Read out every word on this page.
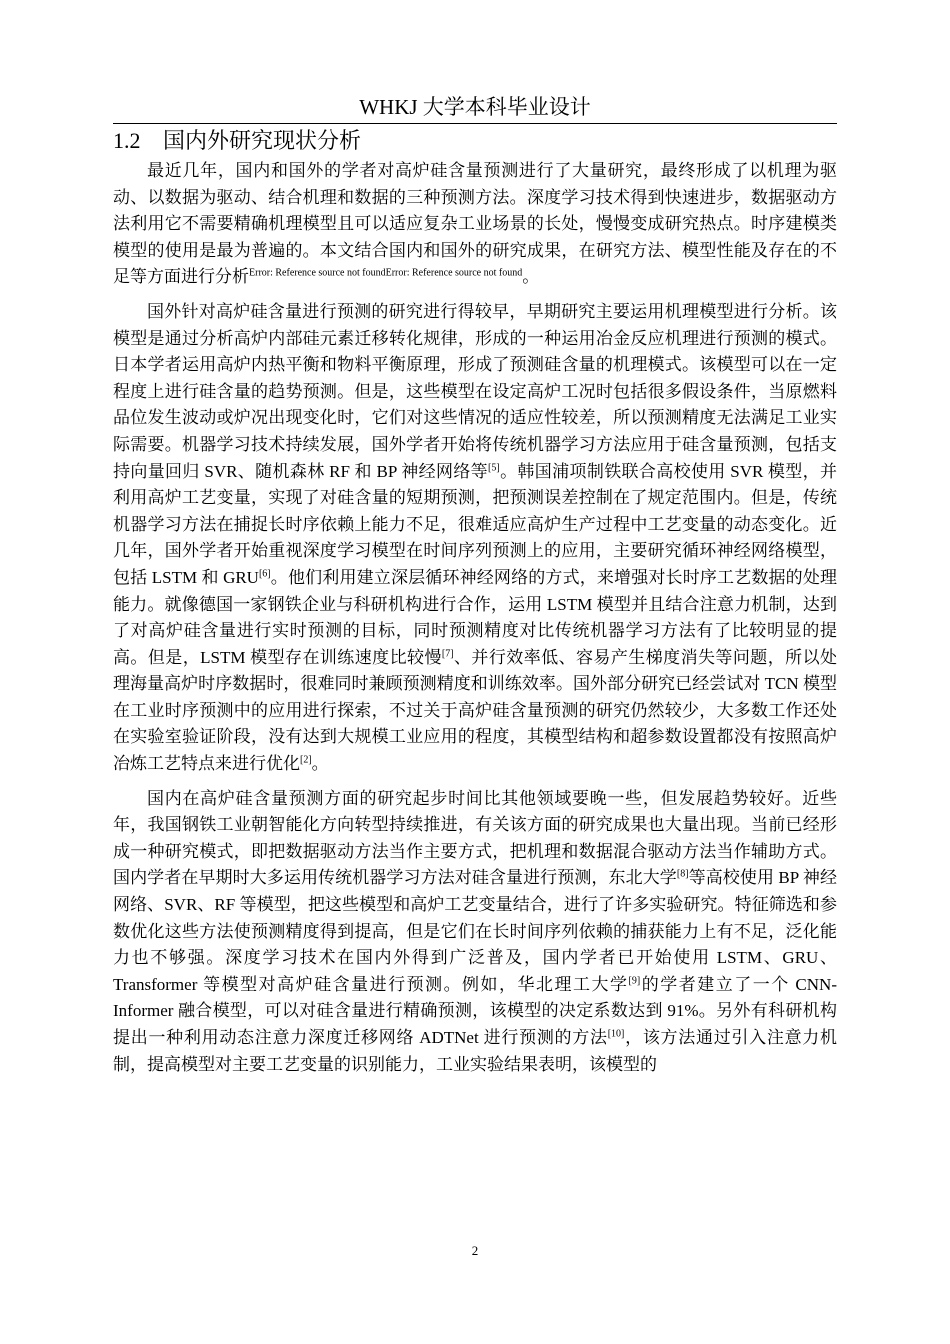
WHKJ 大学本科毕业设计
1.2 国内外研究现状分析

最近几年，国内和国外的学者对高炉硅含量预测进行了大量研究，最终形成了以机理为驱动、以数据为驱动、结合机理和数据的三种预测方法。深度学习技术得到快速进步，数据驱动方法利用它不需要精确机理模型且可以适应复杂工业场景的长处，慢慢变成研究热点。时序建模类模型的使用是最为普遍的。本文结合国内和国外的研究成果，在研究方法、模型性能及存在的不足等方面进行分析$^{Error: Reference source not foundError: Reference source not found}$。

国外针对高炉硅含量进行预测的研究进行得较早，早期研究主要运用机理模型进行分析。该模型是通过分析高炉内部硅元素迁移转化规律，形成的一种运用冶金反应机理进行预测的模式。日本学者运用高炉内热平衡和物料平衡原理，形成了预测硅含量的机理模式。该模型可以在一定程度上进行硅含量的趋势预测。但是，这些模型在设定高炉工况时包括很多假设条件，当原燃料品位发生波动或炉况出现变化时，它们对这些情况的适应性较差，所以预测精度无法满足工业实际需要。机器学习技术持续发展，国外学者开始将传统机器学习方法应用于硅含量预测，包括支持向量回归 SVR、随机森林 RF 和 BP 神经网络等[5]。韩国浦项制铁联合高校使用 SVR 模型，并利用高炉工艺变量，实现了对硅含量的短期预测，把预测误差控制在了规定范围内。但是，传统机器学习方法在捕捉长时序依赖上能力不足，很难适应高炉生产过程中工艺变量的动态变化。近几年，国外学者开始重视深度学习模型在时间序列预测上的应用，主要研究循环神经网络模型，包括 LSTM 和 GRU[6]。他们利用建立深层循环神经网络的方式，来增强对长时序工艺数据的处理能力。就像德国一家钢铁企业与科研机构进行合作，运用 LSTM 模型并且结合注意力机制，达到了对高炉硅含量进行实时预测的目标，同时预测精度对比传统机器学习方法有了比较明显的提高。但是，LSTM 模型存在训练速度比较慢[7]、并行效率低、容易产生梯度消失等问题，所以处理海量高炉时序数据时，很难同时兼顾预测精度和训练效率。国外部分研究已经尝试对 TCN 模型在工业时序预测中的应用进行探索，不过关于高炉硅含量预测的研究仍然较少，大多数工作还处在实验室验证阶段，没有达到大规模工业应用的程度，其模型结构和超参数设置都没有按照高炉冶炼工艺特点来进行优化[2]。

国内在高炉硅含量预测方面的研究起步时间比其他领域要晚一些，但发展趋势较好。近些年，我国钢铁工业朝智能化方向转型持续推进，有关该方面的研究成果也大量出现。当前已经形成一种研究模式，即把数据驱动方法当作主要方式，把机理和数据混合驱动方法当作辅助方式。国内学者在早期时大多运用传统机器学习方法对硅含量进行预测，东北大学[8]等高校使用 BP 神经网络、SVR、RF 等模型，把这些模型和高炉工艺变量结合，进行了许多实验研究。特征筛选和参数优化这些方法使预测精度得到提高，但是它们在长时间序列依赖的捕获能力上有不足，泛化能力也不够强。深度学习技术在国内外得到广泛普及，国内学者已开始使用 LSTM、GRU、Transformer 等模型对高炉硅含量进行预测。例如，华北理工大学[9]的学者建立了一个 CNN-Informer 融合模型，可以对硅含量进行精确预测，该模型的决定系数达到 91%。另外有科研机构提出一种利用动态注意力深度迁移网络 ADTNet 进行预测的方法[10]，该方法通过引入注意力机制，提高模型对主要工艺变量的识别能力，工业实验结果表明，该模型的

2
